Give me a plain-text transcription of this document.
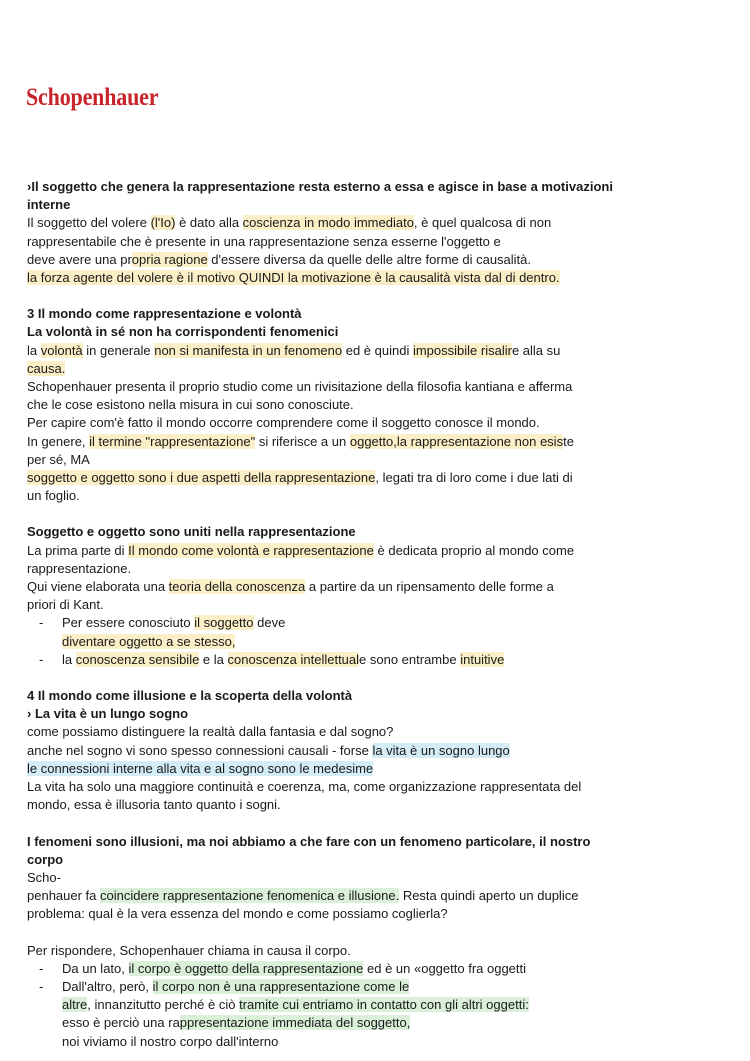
Schopenhauer

›Il soggetto che genera la rappresentazione resta esterno a essa e agisce in base a motivazioni

interne

Il soggetto del volere (l'Io) è dato alla coscienza in modo immediato, è quel qualcosa di non

rappresentabile che è presente in una rappresentazione senza esserne l'oggetto e

deve avere una propria ragione d'essere diversa da quelle delle altre forme di causalità.

la forza agente del volere è il motivo QUINDI la motivazione è la causalità vista dal di dentro.

3 Il mondo come rappresentazione e volontà

La volontà in sé non ha corrispondenti fenomenici

la volontà in generale non si manifesta in un fenomeno ed è quindi impossibile risalire alla su

causa.

Schopenhauer presenta il proprio studio come un rivisitazione della filosofia kantiana e afferma

che le cose esistono nella misura in cui sono conosciute.

Per capire com'è fatto il mondo occorre comprendere come il soggetto conosce il mondo.

In genere, il termine "rappresentazione" si riferisce a un oggetto,la rappresentazione non esiste

per sé, MA

soggetto e oggetto sono i due aspetti della rappresentazione, legati tra di loro come i due lati di

un foglio.

Soggetto e oggetto sono uniti nella rappresentazione

La prima parte di Il mondo come volontà e rappresentazione è dedicata proprio al mondo come

rappresentazione.

Qui viene elaborata una teoria della conoscenza a partire da un ripensamento delle forme a

priori di Kant.

- Per essere conosciuto il soggetto deve
diventare oggetto a se stesso,
- la conoscenza sensibile e la conoscenza intellettuale sono entrambe intuitive

4 Il mondo come illusione e la scoperta della volontà

› La vita è un lungo sogno

come possiamo distinguere la realtà dalla fantasia e dal sogno?

anche nel sogno vi sono spesso connessioni causali - forse la vita è un sogno lungo

le connessioni interne alla vita e al sogno sono le medesime

La vita ha solo una maggiore continuità e coerenza, ma, come organizzazione rappresentata del

mondo, essa è illusoria tanto quanto i sogni.

I fenomeni sono illusioni, ma noi abbiamo a che fare con un fenomeno particolare, il nostro

corpo

Scho-

penhauer fa coincidere rappresentazione fenomenica e illusione. Resta quindi aperto un duplice

problema: qual è la vera essenza del mondo e come possiamo coglierla?

Per rispondere, Schopenhauer chiama in causa il corpo.

- Da un lato, il corpo è oggetto della rappresentazione ed è un «oggetto fra oggetti
- Dall'altro, però, il corpo non è una rappresentazione come le
altre, innanzitutto perché è ciò tramite cui entriamo in contatto con gli altri oggetti:
esso è perciò una rappresentazione immediata del soggetto,
noi viviamo il nostro corpo dall'interno
